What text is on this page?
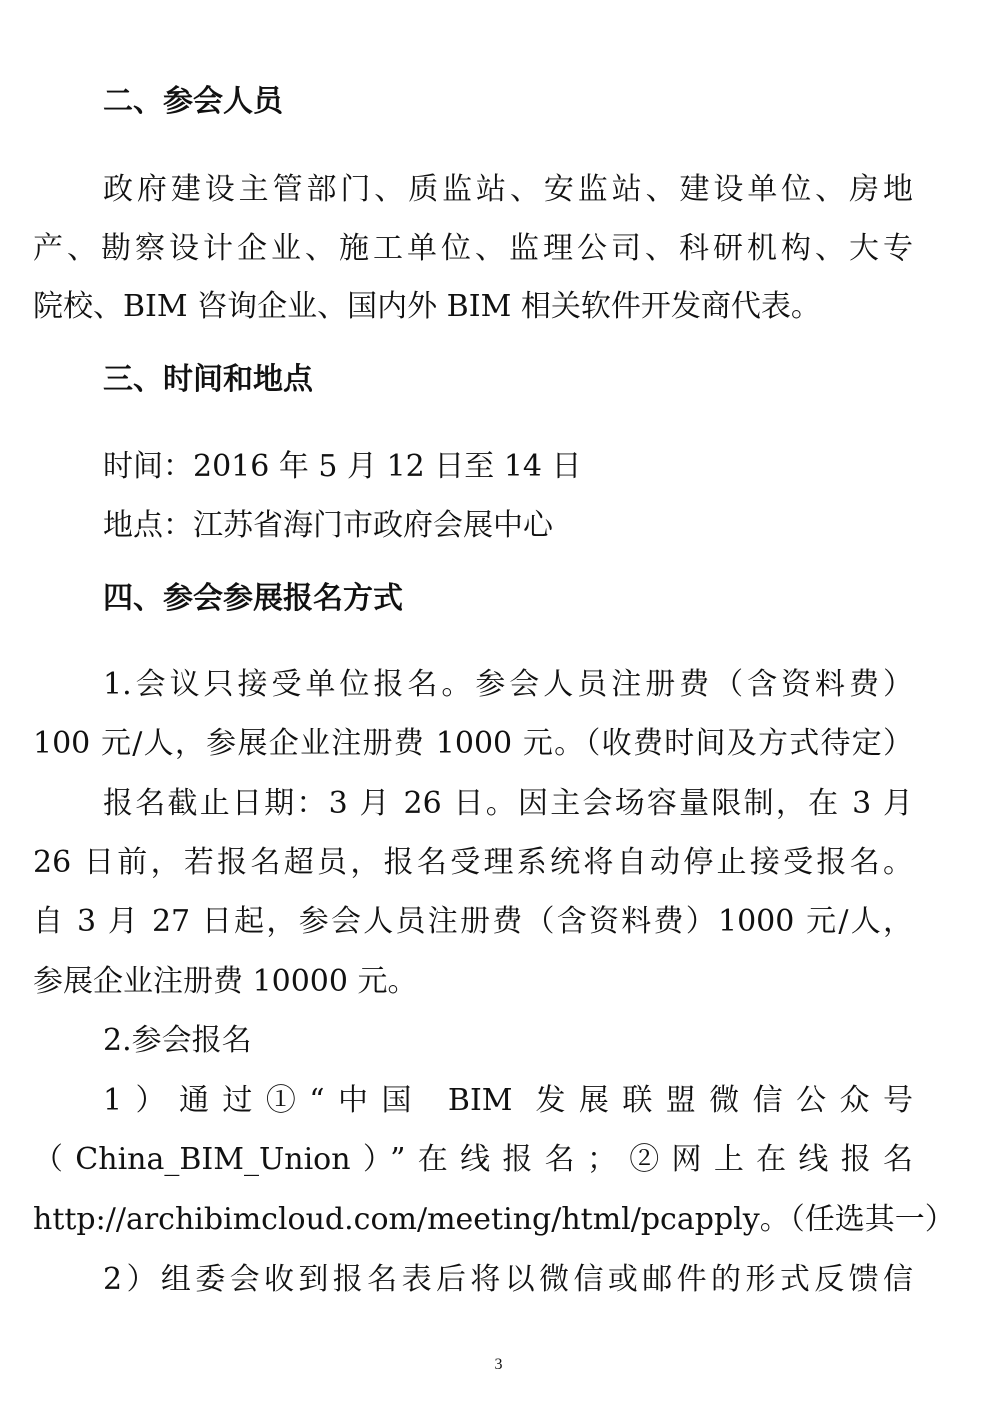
二、参会人员
政府建设主管部门、质监站、安监站、建设单位、房地
产、勘察设计企业、施工单位、监理公司、科研机构、大专
院校、BIM 咨询企业、国内外 BIM 相关软件开发商代表。
三、时间和地点
时间：2016 年 5 月 12 日至 14 日
地点：江苏省海门市政府会展中心
四、参会参展报名方式
1.会议只接受单位报名。参会人员注册费（含资料费）
100 元/人，参展企业注册费 1000 元。（收费时间及方式待定）
报名截止日期：3 月 26 日。因主会场容量限制，在 3 月
26 日前，若报名超员，报名受理系统将自动停止接受报名。
自 3 月 27 日起，参会人员注册费（含资料费）1000 元/人，
参展企业注册费 10000 元。
2.参会报名
1）通过①“中国 BIM 发展联盟微信公众号
（China_BIM_Union）”在线报名；②网上在线报名
http://archibimcloud.com/meeting/html/pcapply。（任选其一）
2）组委会收到报名表后将以微信或邮件的形式反馈信
3
